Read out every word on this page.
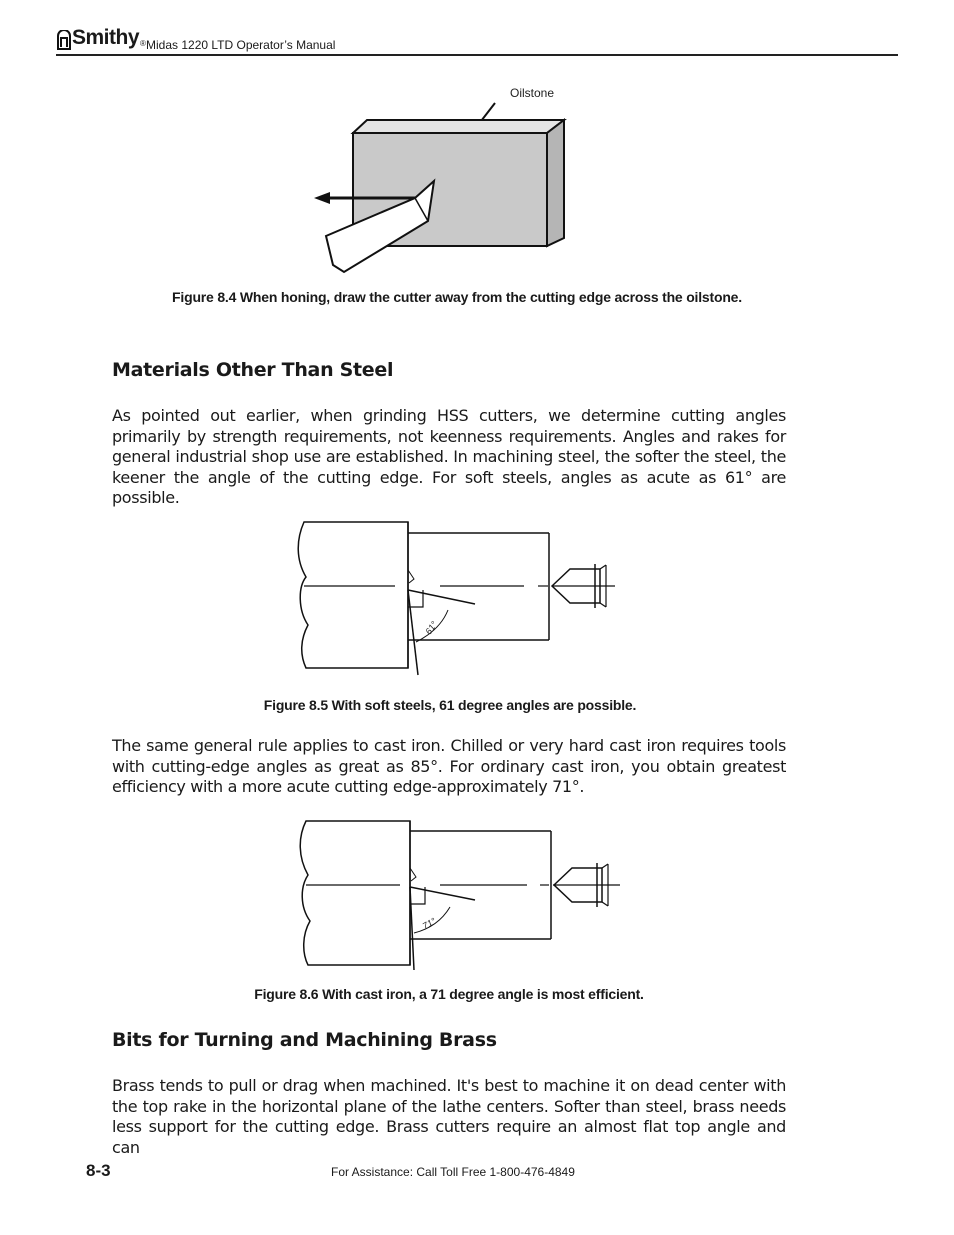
Smithy ® Midas 1220 LTD Operator’s Manual
Oilstone
Figure 8.4 When honing, draw the cutter away from the cutting edge across the oilstone.
Materials Other Than Steel
As pointed out earlier, when grinding HSS cutters, we determine cutting angles primarily by strength requirements, not keenness requirements. Angles and rakes for general industrial shop use are established. In machining steel, the softer the steel, the keener the angle of the cutting edge. For soft steels, angles as acute as 61° are possible.
61°
Figure 8.5 With soft steels, 61 degree angles are possible.
The same general rule applies to cast iron. Chilled or very hard cast iron requires tools with cutting-edge angles as great as 85°. For ordinary cast iron, you obtain greatest efficiency with a more acute cutting edge-approximately 71°.
71°
Figure 8.6 With cast iron, a 71 degree angle is most efficient.
Bits for Turning and Machining Brass
Brass tends to pull or drag when machined. It's best to machine it on dead center with the top rake in the horizontal plane of the lathe centers. Softer than steel, brass needs less support for the cutting edge. Brass cutters require an almost flat top angle and can
8-3	For Assistance: Call Toll Free 1-800-476-4849
